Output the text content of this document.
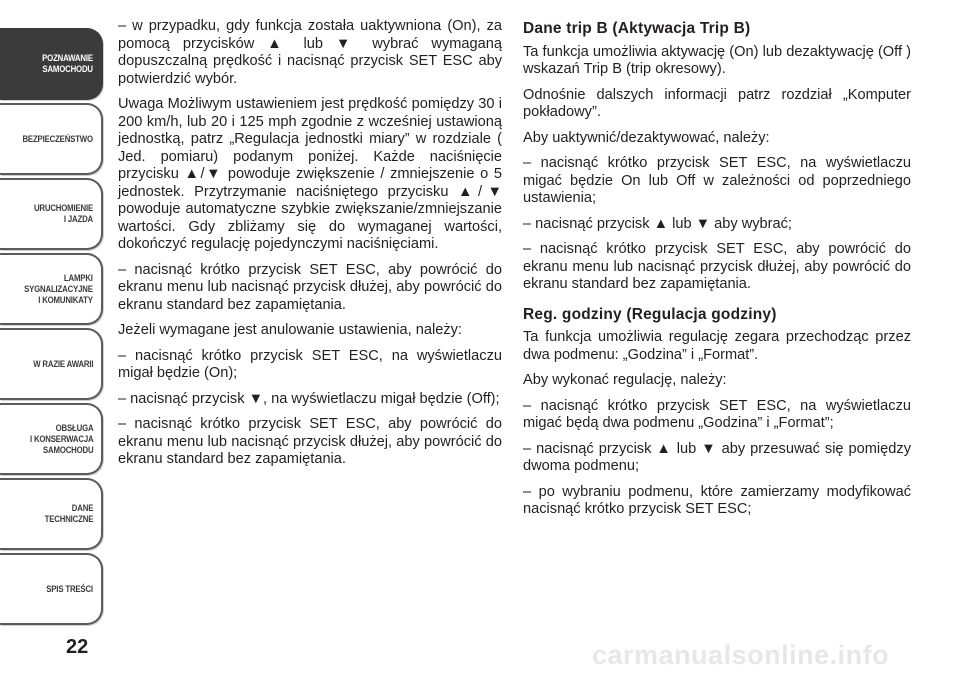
POZNAWANIE
SAMOCHODU
BEZPIECZEŃSTWO
URUCHOMIENIE
I JAZDA
LAMPKI
SYGNALIZACYJNE
I KOMUNIKATY
W RAZIE AWARII
OBSŁUGA
I KONSERWACJA
SAMOCHODU
DANE
TECHNICZNE
SPIS TREŚCI
22

– w przypadku, gdy funkcja została uaktywniona (On), za pomocą przycisków ▲ lub ▼ wybrać wymaganą dopuszczalną prędkość i nacisnąć przycisk SET ESC aby potwierdzić wybór.

Uwaga Możliwym ustawieniem jest prędkość pomiędzy 30 i 200 km/h, lub 20 i 125 mph zgodnie z wcześniej ustawioną jednostką, patrz „Regulacja jednostki miary” w rozdziale ( Jed. pomiaru) podanym poniżej. Każde naciśnięcie przycisku ▲/▼ powoduje zwiększenie / zmniejszenie o 5 jednostek. Przytrzymanie naciśniętego przycisku ▲/▼ powoduje automatyczne szybkie zwiększanie/zmniejszanie wartości. Gdy zbliżamy się do wymaganej wartości, dokończyć regulację pojedynczymi naciśnięciami.

– nacisnąć krótko przycisk SET ESC, aby powrócić do ekranu menu lub nacisnąć przycisk dłużej, aby powrócić do ekranu standard bez zapamiętania.

Jeżeli wymagane jest anulowanie ustawienia, należy:

– nacisnąć krótko przycisk SET ESC, na wyświetlaczu migał będzie (On);

– nacisnąć przycisk ▼, na wyświetlaczu migał będzie (Off);

– nacisnąć krótko przycisk SET ESC, aby powrócić do ekranu menu lub nacisnąć przycisk dłużej, aby powrócić do ekranu standard bez zapamiętania.

Dane trip B (Aktywacja Trip B)

Ta funkcja umożliwia aktywację (On) lub dezaktywację (Off ) wskazań Trip B (trip okresowy).

Odnośnie dalszych informacji patrz rozdział „Komputer pokładowy”.

Aby uaktywnić/dezaktywować, należy:

– nacisnąć krótko przycisk SET ESC, na wyświetlaczu migać będzie On lub Off w zależności od poprzedniego ustawienia;

– nacisnąć przycisk ▲ lub ▼ aby wybrać;

– nacisnąć krótko przycisk SET ESC, aby powrócić do ekranu menu lub nacisnąć przycisk dłużej, aby powrócić do ekranu standard bez zapamiętania.

Reg. godziny (Regulacja godziny)

Ta funkcja umożliwia regulację zegara przechodząc przez dwa podmenu: „Godzina” i „Format”.

Aby wykonać regulację, należy:

– nacisnąć krótko przycisk SET ESC, na wyświetlaczu migać będą dwa podmenu „Godzina” i „Format”;

– nacisnąć przycisk ▲ lub ▼ aby przesuwać się pomiędzy dwoma podmenu;

– po wybraniu podmenu, które zamierzamy modyfikować nacisnąć krótko przycisk SET ESC;

carmanualsonline.info
